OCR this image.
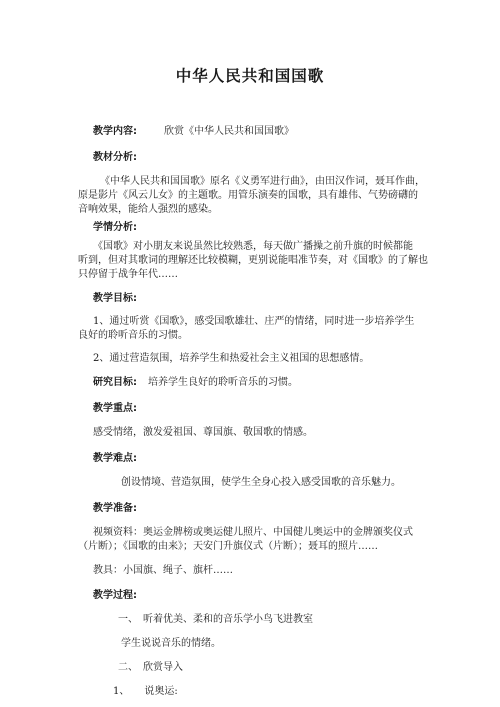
中华人民共和国国歌
教学内容:	欣赏《中华人民共和国国歌》
教材分析:
《中华人民共和国国歌》原名《义勇军进行曲》，由田汉作词，聂耳作曲，
原是影片《风云儿女》的主题歌。用管乐演奏的国歌，具有雄伟、气势磅礴的
音响效果，能给人强烈的感染。
学情分析:
《国歌》对小朋友来说虽然比较熟悉，每天做广播操之前升旗的时候都能
听到，但对其歌词的理解还比较模糊，更别说能唱准节奏，对《国歌》的了解也
只停留于战争年代……
教学目标:
1、通过听赏《国歌》，感受国歌雄壮、庄严的情绪，同时进一步培养学生
良好的聆听音乐的习惯。
2、通过营造氛围，培养学生和热爱社会主义祖国的思想感情。
研究目标: 培养学生良好的聆听音乐的习惯。
教学重点:
感受情绪，激发爱祖国、尊国旗、敬国歌的情感。
教学难点:
创设情境、营造氛围，使学生全身心投入感受国歌的音乐魅力。
教学准备:
视频资料：奥运金牌榜或奥运健儿照片、中国健儿奥运中的金牌颁奖仪式
（片断）；《国歌的由来》；天安门升旗仪式（片断）；聂耳的照片……
教具：小国旗、绳子、旗杆……
教学过程:
一、　听着优美、柔和的音乐学小鸟飞进教室
学生说说音乐的情绪。
二、　欣赏导入
1、　　说奥运:
